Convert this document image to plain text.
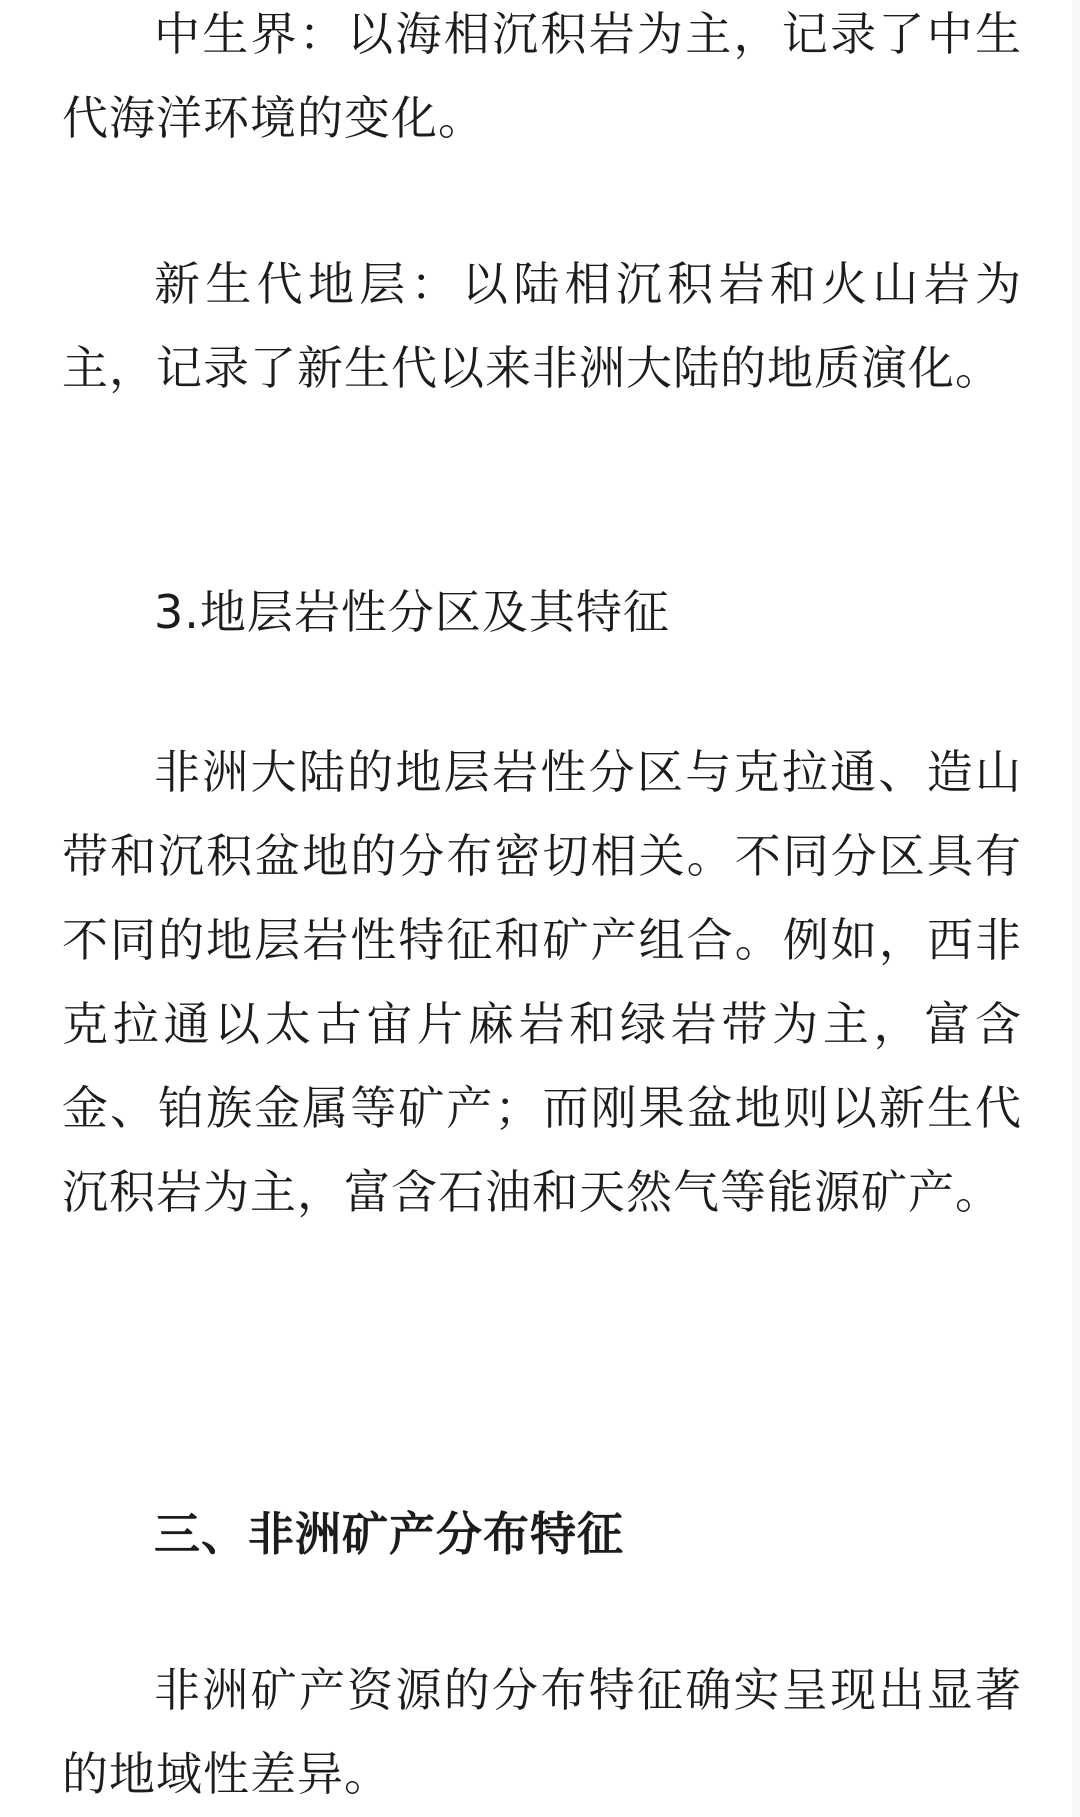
中生界：以海相沉积岩为主，记录了中生代海洋环境的变化。

新生代地层：以陆相沉积岩和火山岩为主，记录了新生代以来非洲大陆的地质演化。

3.地层岩性分区及其特征

非洲大陆的地层岩性分区与克拉通、造山带和沉积盆地的分布密切相关。不同分区具有不同的地层岩性特征和矿产组合。例如，西非克拉通以太古宙片麻岩和绿岩带为主，富含金、铂族金属等矿产；而刚果盆地则以新生代沉积岩为主，富含石油和天然气等能源矿产。

三、非洲矿产分布特征

非洲矿产资源的分布特征确实呈现出显著的地域性差异。
